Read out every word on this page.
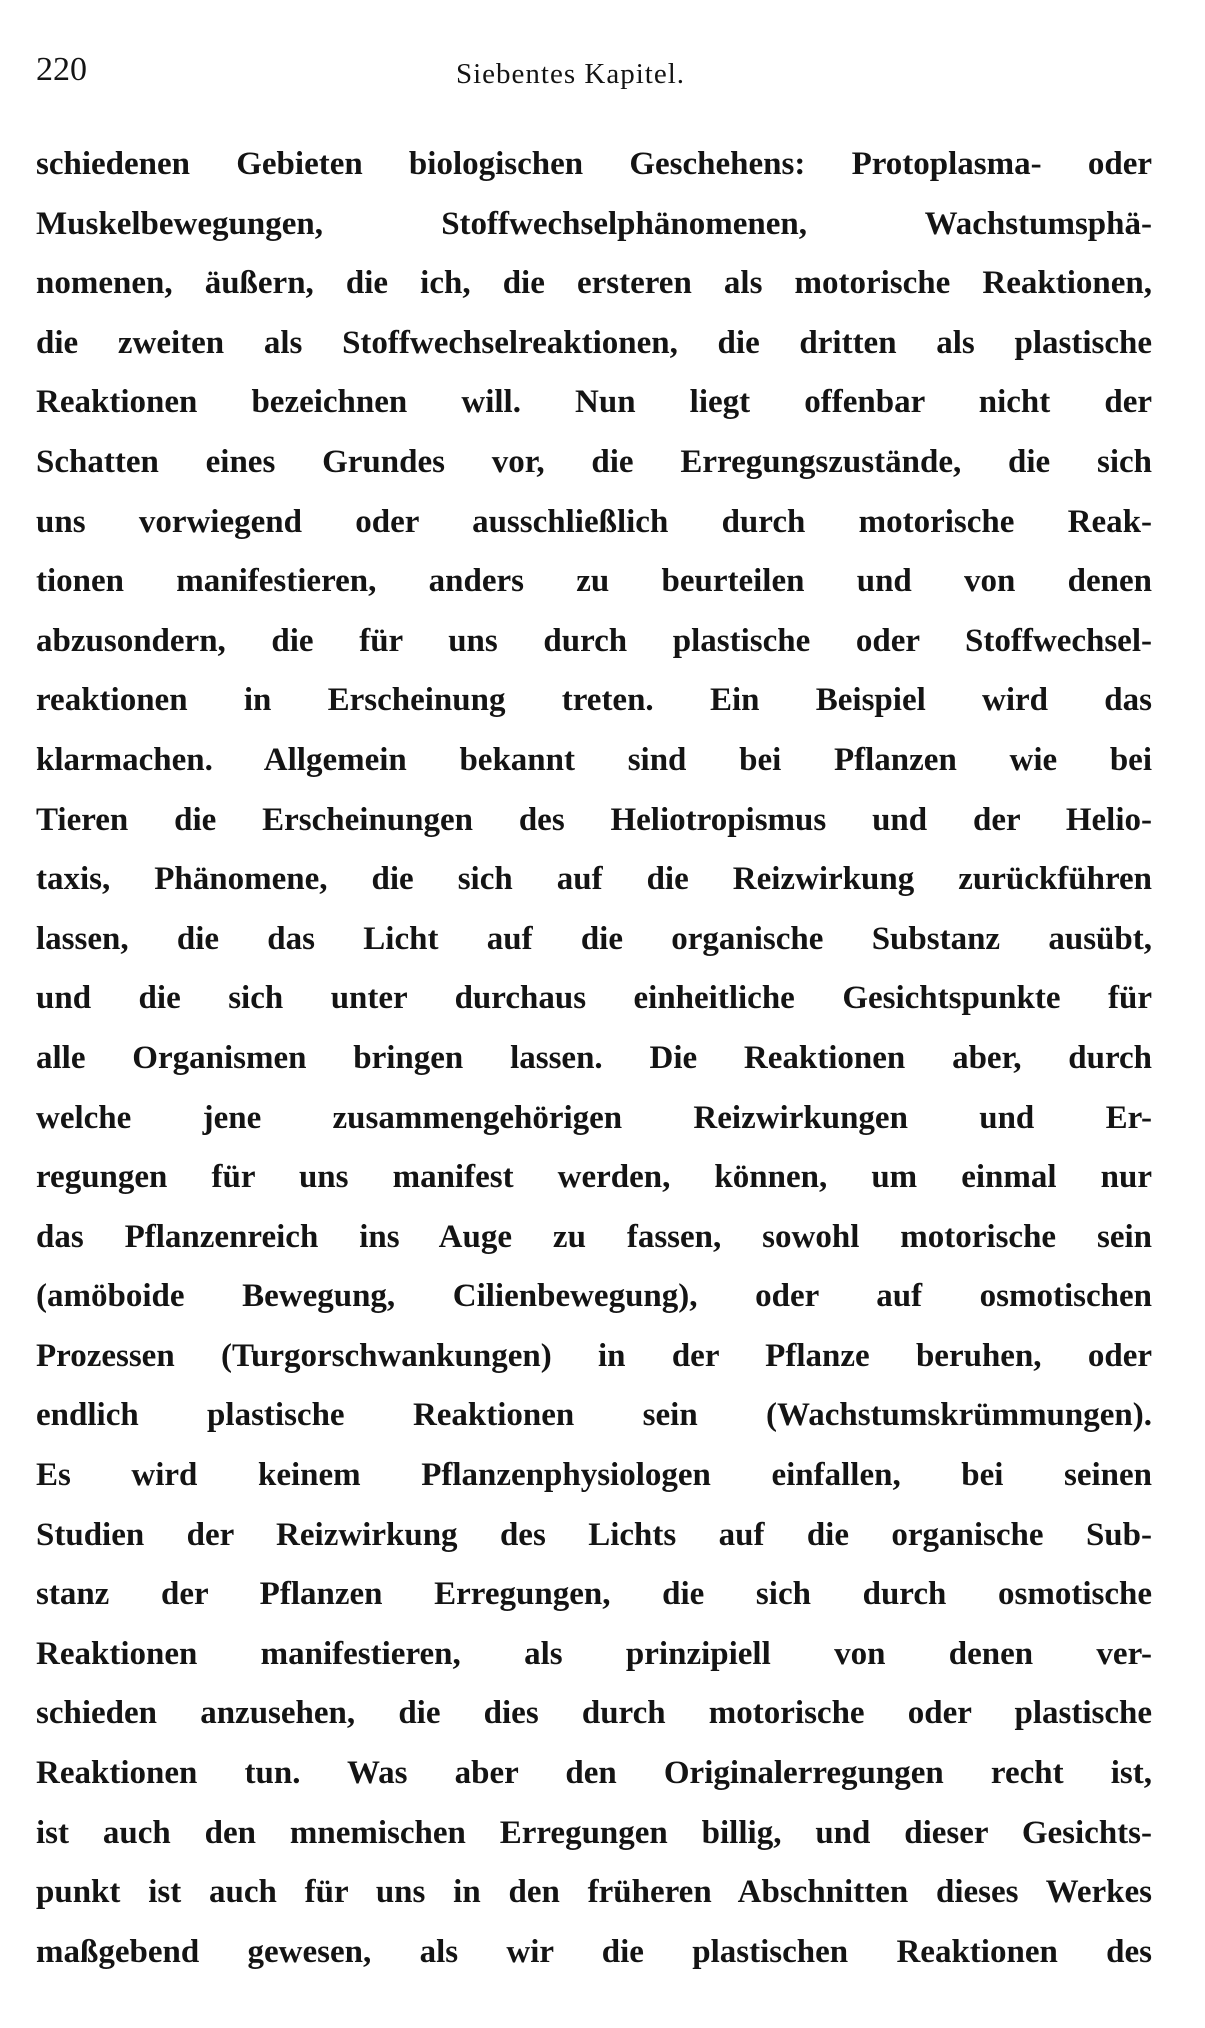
220	Siebentes Kapitel.
schiedenen Gebieten biologischen Geschehens: Protoplasma- oder
Muskelbewegungen, Stoffwechselphänomenen, Wachstumsphä-
nomenen, äußern, die ich, die ersteren als motorische Reaktionen,
die zweiten als Stoffwechselreaktionen, die dritten als plastische
Reaktionen bezeichnen will. Nun liegt offenbar nicht der
Schatten eines Grundes vor, die Erregungszustände, die sich
uns vorwiegend oder ausschließlich durch motorische Reak-
tionen manifestieren, anders zu beurteilen und von denen
abzusondern, die für uns durch plastische oder Stoffwechsel-
reaktionen in Erscheinung treten. Ein Beispiel wird das
klarmachen. Allgemein bekannt sind bei Pflanzen wie bei
Tieren die Erscheinungen des Heliotropismus und der Helio-
taxis, Phänomene, die sich auf die Reizwirkung zurückführen
lassen, die das Licht auf die organische Substanz ausübt,
und die sich unter durchaus einheitliche Gesichtspunkte für
alle Organismen bringen lassen. Die Reaktionen aber, durch
welche jene zusammengehörigen Reizwirkungen und Er-
regungen für uns manifest werden, können, um einmal nur
das Pflanzenreich ins Auge zu fassen, sowohl motorische sein
(amöboide Bewegung, Cilienbewegung), oder auf osmotischen
Prozessen (Turgorschwankungen) in der Pflanze beruhen, oder
endlich plastische Reaktionen sein (Wachstumskrümmungen).
Es wird keinem Pflanzenphysiologen einfallen, bei seinen
Studien der Reizwirkung des Lichts auf die organische Sub-
stanz der Pflanzen Erregungen, die sich durch osmotische
Reaktionen manifestieren, als prinzipiell von denen ver-
schieden anzusehen, die dies durch motorische oder plastische
Reaktionen tun. Was aber den Originalerregungen recht ist,
ist auch den mnemischen Erregungen billig, und dieser Gesichts-
punkt ist auch für uns in den früheren Abschnitten dieses Werkes
maßgebend gewesen, als wir die plastischen Reaktionen des
